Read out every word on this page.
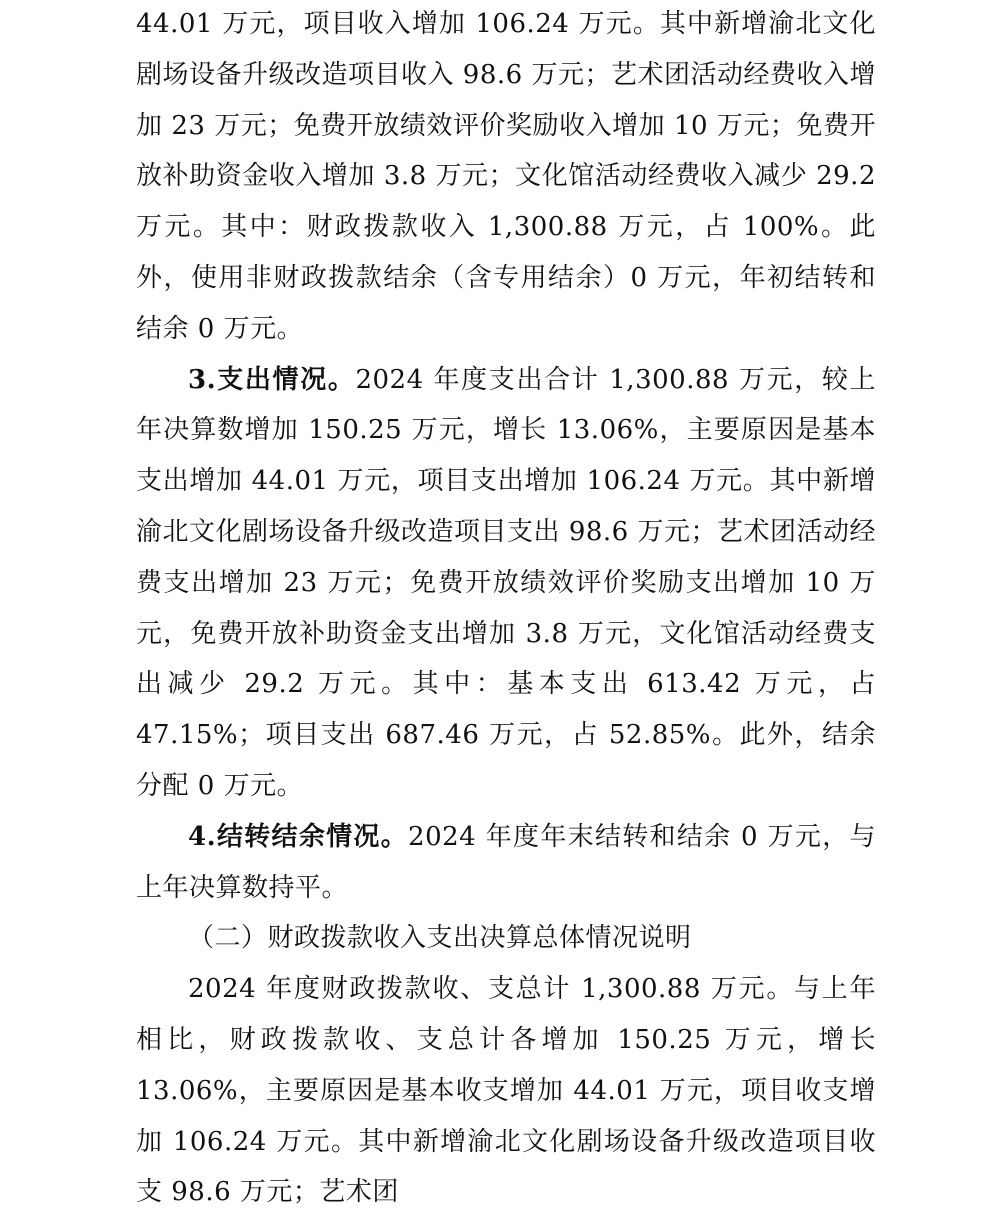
44.01 万元，项目收入增加 106.24 万元。其中新增渝北文化剧场设备升级改造项目收入 98.6 万元；艺术团活动经费收入增加 23 万元；免费开放绩效评价奖励收入增加 10 万元；免费开放补助资金收入增加 3.8 万元；文化馆活动经费收入减少 29.2 万元。其中：财政拨款收入 1,300.88 万元，占 100%。此外，使用非财政拨款结余（含专用结余）0 万元，年初结转和结余 0 万元。

3.支出情况。2024 年度支出合计 1,300.88 万元，较上年决算数增加 150.25 万元，增长 13.06%，主要原因是基本支出增加 44.01 万元，项目支出增加 106.24 万元。其中新增渝北文化剧场设备升级改造项目支出 98.6 万元；艺术团活动经费支出增加 23 万元；免费开放绩效评价奖励支出增加 10 万元，免费开放补助资金支出增加 3.8 万元，文化馆活动经费支出减少 29.2 万元。其中：基本支出 613.42 万元，占 47.15%；项目支出 687.46 万元，占 52.85%。此外，结余分配 0 万元。

4.结转结余情况。2024 年度年末结转和结余 0 万元，与上年决算数持平。

（二）财政拨款收入支出决算总体情况说明

2024 年度财政拨款收、支总计 1,300.88 万元。与上年相比，财政拨款收、支总计各增加 150.25 万元，增长 13.06%，主要原因是基本收支增加 44.01 万元，项目收支增加 106.24 万元。其中新增渝北文化剧场设备升级改造项目收支 98.6 万元；艺术团
